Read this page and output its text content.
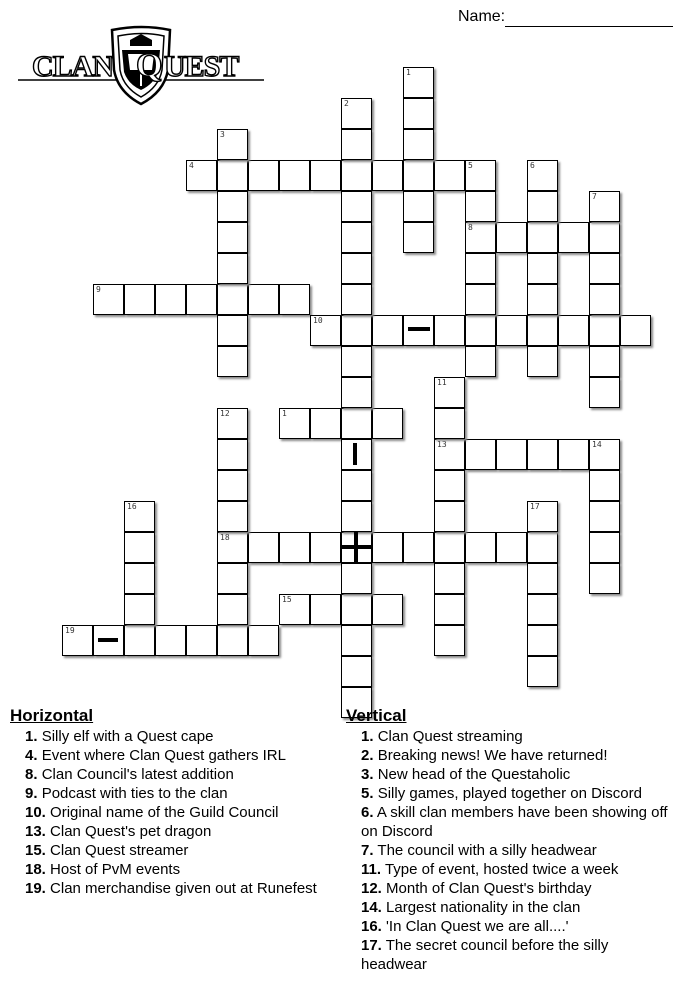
Name:
CLAN Q UEST
4
8
9
10
1
13	14
18
15
19
1
2
3
5	6
7
11
12
16	17
Horizontal
1. Silly elf with a Quest cape
4. Event where Clan Quest gathers IRL
8. Clan Council's latest addition
9. Podcast with ties to the clan
10. Original name of the Guild Council
13. Clan Quest's pet dragon
15. Clan Quest streamer
18. Host of PvM events
19. Clan merchandise given out at Runefest
Vertical
1. Clan Quest streaming
2. Breaking news! We have returned!
3. New head of the Questaholic
5. Silly games, played together on Discord
6. A skill clan members have been showing off on Discord
7. The council with a silly headwear
11. Type of event, hosted twice a week
12. Month of Clan Quest's birthday
14. Largest nationality in the clan
16. 'In Clan Quest we are all....'
17. The secret council before the silly headwear
